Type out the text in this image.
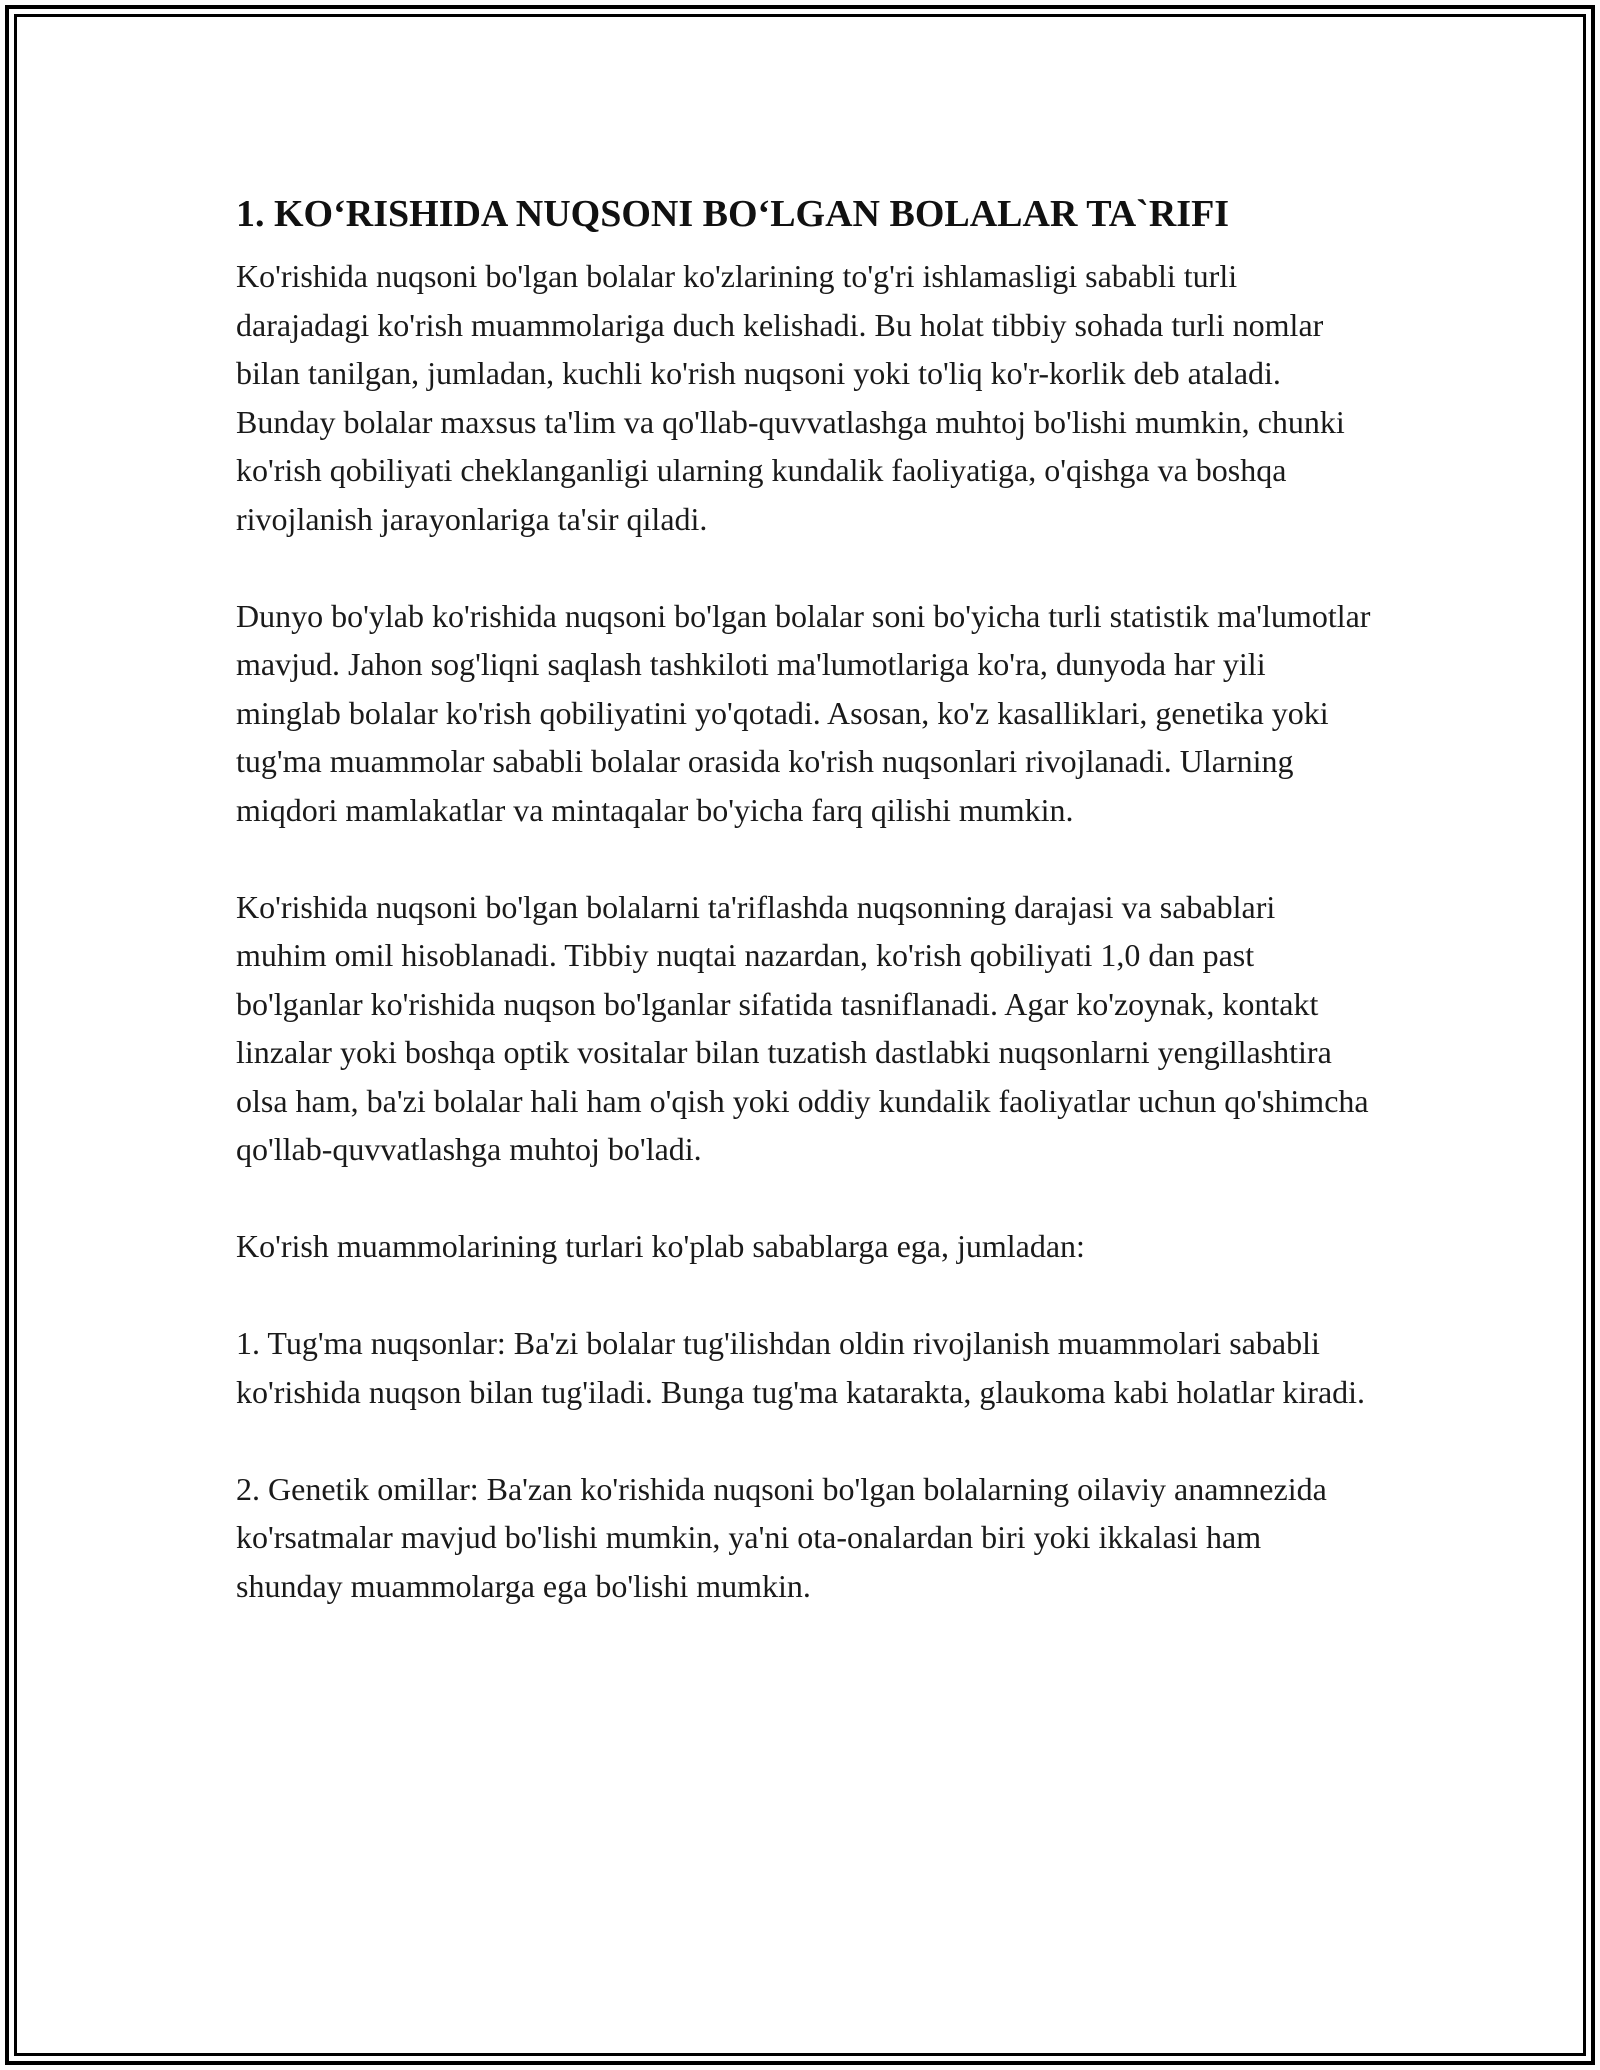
1. KO‘RISHIDA NUQSONI BO‘LGAN BOLALAR TA`RIFI

Ko'rishida nuqsoni bo'lgan bolalar ko'zlarining to'g'ri ishlamasligi sababli turli darajadagi ko'rish muammolariga duch kelishadi. Bu holat tibbiy sohada turli nomlar bilan tanilgan, jumladan, kuchli ko'rish nuqsoni yoki to'liq ko'r-korlik deb ataladi. Bunday bolalar maxsus ta'lim va qo'llab-quvvatlashga muhtoj bo'lishi mumkin, chunki ko'rish qobiliyati cheklanganligi ularning kundalik faoliyatiga, o'qishga va boshqa rivojlanish jarayonlariga ta'sir qiladi.

Dunyo bo'ylab ko'rishida nuqsoni bo'lgan bolalar soni bo'yicha turli statistik ma'lumotlar mavjud. Jahon sog'liqni saqlash tashkiloti ma'lumotlariga ko'ra, dunyoda har yili minglab bolalar ko'rish qobiliyatini yo'qotadi. Asosan, ko'z kasalliklari, genetika yoki tug'ma muammolar sababli bolalar orasida ko'rish nuqsonlari rivojlanadi. Ularning miqdori mamlakatlar va mintaqalar bo'yicha farq qilishi mumkin.

Ko'rishida nuqsoni bo'lgan bolalarni ta'riflashda nuqsonning darajasi va sabablari muhim omil hisoblanadi. Tibbiy nuqtai nazardan, ko'rish qobiliyati 1,0 dan past bo'lganlar ko'rishida nuqson bo'lganlar sifatida tasniflanadi. Agar ko'zoynak, kontakt linzalar yoki boshqa optik vositalar bilan tuzatish dastlabki nuqsonlarni yengillashtira olsa ham, ba'zi bolalar hali ham o'qish yoki oddiy kundalik faoliyatlar uchun qo'shimcha qo'llab-quvvatlashga muhtoj bo'ladi.

Ko'rish muammolarining turlari ko'plab sabablarga ega, jumladan:

1. Tug'ma nuqsonlar: Ba'zi bolalar tug'ilishdan oldin rivojlanish muammolari sababli ko'rishida nuqson bilan tug'iladi. Bunga tug'ma katarakta, glaukoma kabi holatlar kiradi.

2. Genetik omillar: Ba'zan ko'rishida nuqsoni bo'lgan bolalarning oilaviy anamnezida ko'rsatmalar mavjud bo'lishi mumkin, ya'ni ota-onalardan biri yoki ikkalasi ham shunday muammolarga ega bo'lishi mumkin.
